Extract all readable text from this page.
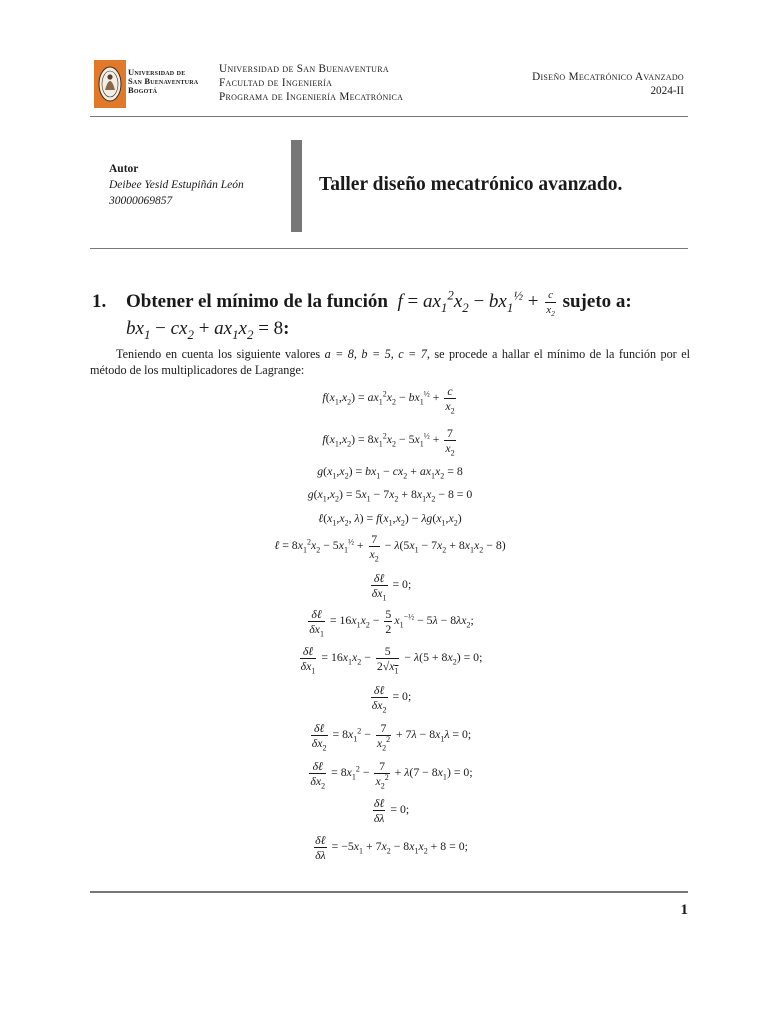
Universidad de
San Buenaventura
Bogotá
Universidad de San Buenaventura
Facultad de Ingeniería
Programa de Ingeniería Mecatrónica
Diseño Mecatrónico Avanzado
2024-II
Autor
Deibee Yesid Estupiñán León
30000069857
Taller diseño mecatrónico avanzado.
1. Obtener el mínimo de la función  $f = ax_1^2x_2 - bx_1^{\frac{1}{2}} + \frac{c}{x_2}$ sujeto a:
$bx_1 - cx_2 + ax_1x_2 = 8$:
Teniendo en cuenta los siguiente valores a = 8, b = 5, c = 7, se procede a hallar el mínimo de la función por el método de los multiplicadores de Lagrange:
$f(x_1,x_2) = ax_1^2x_2 - bx_1^{\frac{1}{2}} + \frac{c}{x_2}$
$f(x_1,x_2) = 8x_1^2x_2 - 5x_1^{\frac{1}{2}} + \frac{7}{x_2}$
$g(x_1,x_2) = bx_1 - cx_2 + ax_1x_2 = 8$
$g(x_1,x_2) = 5x_1 - 7x_2 + 8x_1x_2 - 8 = 0$
$\ell(x_1,x_2$, $\lambda) = f(x_1,x_2) - \lambda g(x_1,x_2)$
ℓ = $8x_1^2x_2 - 5x_1^{\frac{1}{2}} + \frac{7}{x_2} - \lambda(5x_1 - 7x_2 + 8x_1x_2 - 8)$
$\frac{\text{δℓ}}{\delta x_1} = 0$;
$\frac{\text{δℓ}}{\delta x_1} = 16x_1x_2 - \frac{5}{2} x_1^{-\frac{1}{2}} - 5\lambda - 8\lambda x_2$;
$\frac{\text{δℓ}}{\delta x_1} = 16x_1x_2 - \frac{5}{2√x_1} - \lambda(5 + 8x_2) = 0$;
$\frac{\text{δℓ}}{\delta x_2} = 0$;
$\frac{\text{δℓ}}{\delta x_2} = 8x_1^2 - \frac{7}{x_2^2} + 7\lambda - 8x_1\lambda = 0$;
$\frac{\text{δℓ}}{\delta x_2} = 8x_1^2 - \frac{7}{x_2^2} + \lambda(7 - 8x_1) = 0$;
$\frac{\text{δℓ}}{\delta\lambda} = 0$;
$\frac{\text{δℓ}}{\delta\lambda} = -5x_1 + 7x_2 - 8x_1x_2 + 8 = 0$;
1
